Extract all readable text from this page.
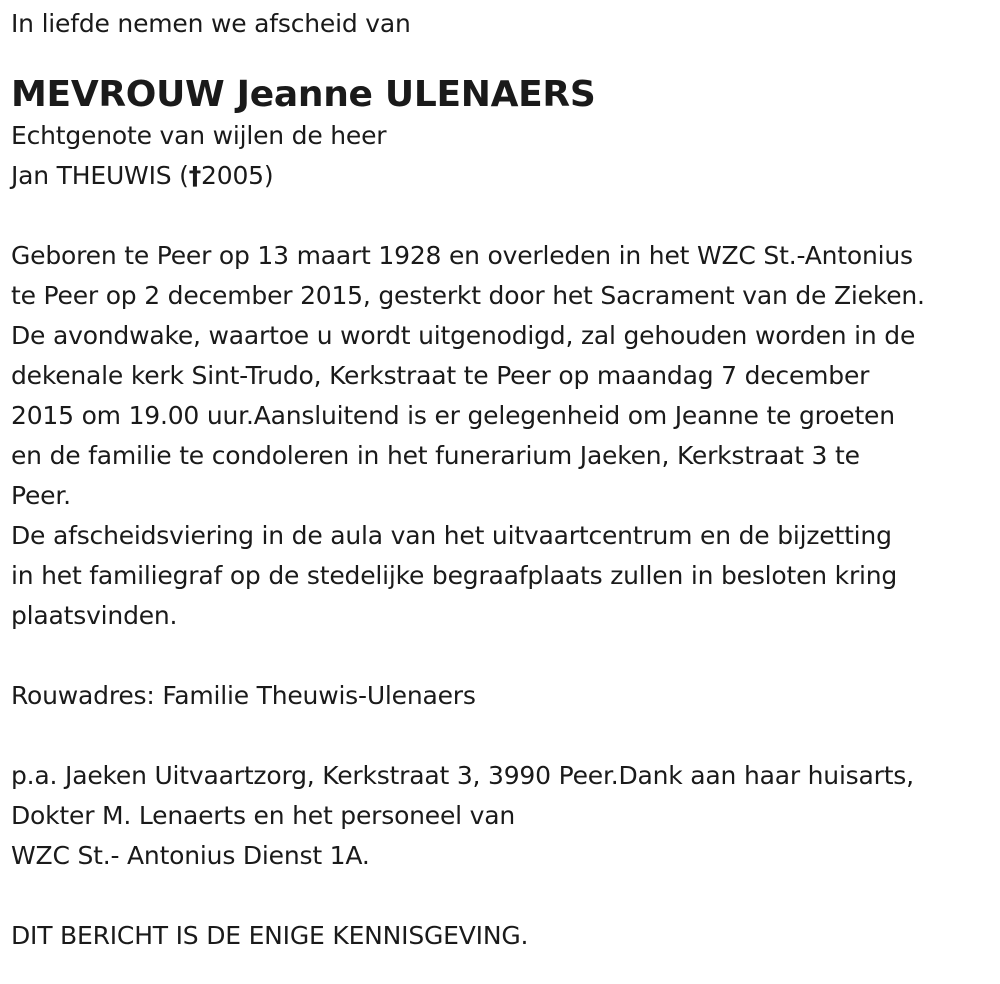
In liefde nemen we afscheid van
MEVROUW Jeanne ULENAERS
Echtgenote van wijlen de heer
Jan THEUWIS (†2005)
Geboren te Peer op 13 maart 1928 en overleden in het WZC St.-Antonius
te Peer op 2 december 2015, gesterkt door het Sacrament van de Zieken.
De avondwake, waartoe u wordt uitgenodigd, zal gehouden worden in de
dekenale kerk Sint-Trudo, Kerkstraat te Peer op maandag 7 december
2015 om 19.00 uur.Aansluitend is er gelegenheid om Jeanne te groeten
en de familie te condoleren in het funerarium Jaeken, Kerkstraat 3 te
Peer.
De afscheidsviering in de aula van het uitvaartcentrum en de bijzetting
in het familiegraf op de stedelijke begraafplaats zullen in besloten kring
plaatsvinden.
Rouwadres: Familie Theuwis-Ulenaers
p.a. Jaeken Uitvaartzorg, Kerkstraat 3, 3990 Peer.Dank aan haar huisarts,
Dokter M. Lenaerts en het personeel van
WZC St.- Antonius Dienst 1A.
DIT BERICHT IS DE ENIGE KENNISGEVING.
